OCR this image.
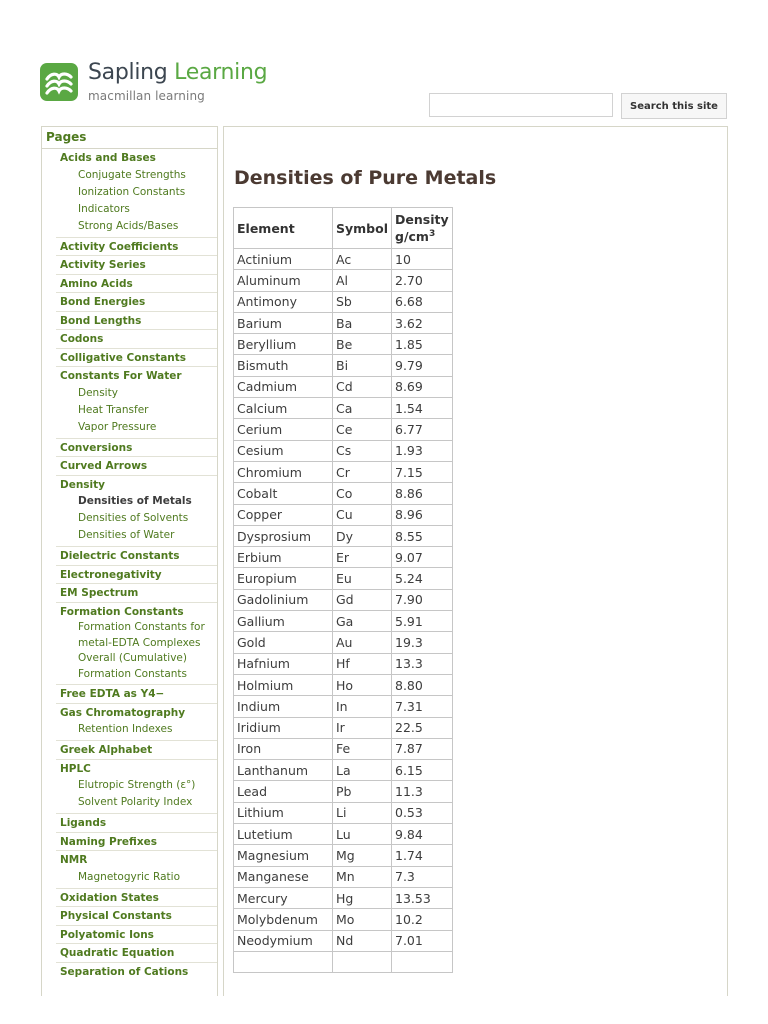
Sapling Learning
macmillan learning
Search this site
Pages
Acids and Bases
Conjugate Strengths
Ionization Constants
Indicators
Strong Acids/Bases
Activity Coefficients
Activity Series
Amino Acids
Bond Energies
Bond Lengths
Codons
Colligative Constants
Constants For Water
Density
Heat Transfer
Vapor Pressure
Conversions
Curved Arrows
Density
Densities of Metals
Densities of Solvents
Densities of Water
Dielectric Constants
Electronegativity
EM Spectrum
Formation Constants
Formation Constants for
metal-EDTA Complexes
Overall (Cumulative)
Formation Constants
Free EDTA as Y4−
Gas Chromatography
Retention Indexes
Greek Alphabet
HPLC
Elutropic Strength (ε°)
Solvent Polarity Index
Ligands
Naming Prefixes
NMR
Magnetogyric Ratio
Oxidation States
Physical Constants
Polyatomic Ions
Quadratic Equation
Separation of Cations
Densities of Pure Metals
Element	Symbol	Density
$g/cm^3$
Actinium	Ac	10
Aluminum	Al	2.70
Antimony	Sb	6.68
Barium	Ba	3.62
Beryllium	Be	1.85
Bismuth	Bi	9.79
Cadmium	Cd	8.69
Calcium	Ca	1.54
Cerium	Ce	6.77
Cesium	Cs	1.93
Chromium	Cr	7.15
Cobalt	Co	8.86
Copper	Cu	8.96
Dysprosium	Dy	8.55
Erbium	Er	9.07
Europium	Eu	5.24
Gadolinium	Gd	7.90
Gallium	Ga	5.91
Gold	Au	19.3
Hafnium	Hf	13.3
Holmium	Ho	8.80
Indium	In	7.31
Iridium	Ir	22.5
Iron	Fe	7.87
Lanthanum	La	6.15
Lead	Pb	11.3
Lithium	Li	0.53
Lutetium	Lu	9.84
Magnesium	Mg	1.74
Manganese	Mn	7.3
Mercury	Hg	13.53
Molybdenum	Mo	10.2
Neodymium	Nd	7.01
